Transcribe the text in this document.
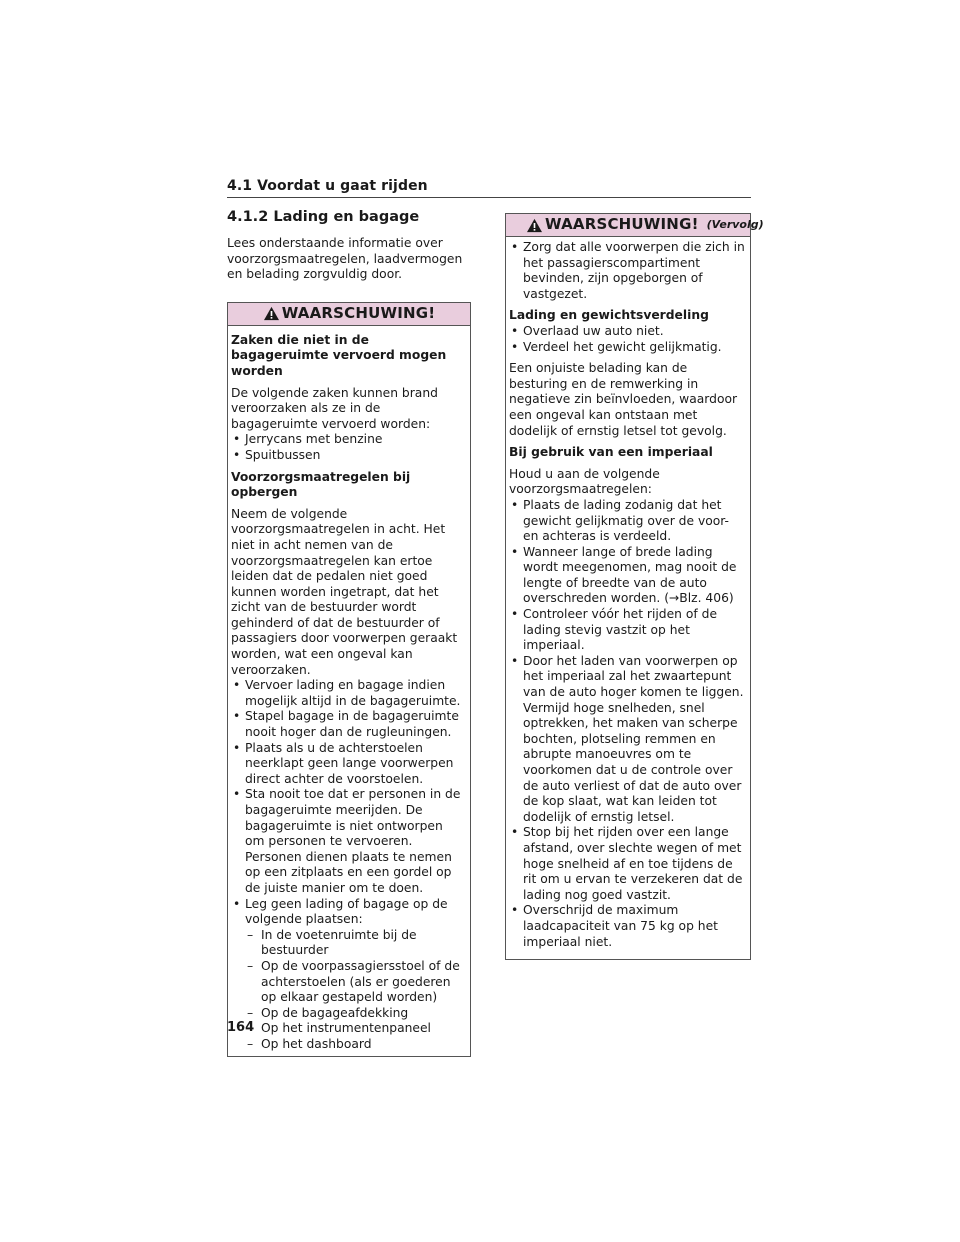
4.1 Voordat u gaat rijden
4.1.2 Lading en bagage

Lees onderstaande informatie over voorzorgsmaatregelen, laadvermogen en belading zorgvuldig door.

WAARSCHUWING!

Zaken die niet in de bagageruimte vervoerd mogen worden

De volgende zaken kunnen brand veroorzaken als ze in de bagageruimte vervoerd worden:

• Jerrycans met benzine
• Spuitbussen

Voorzorgsmaatregelen bij opbergen

Neem de volgende voorzorgsmaatregelen in acht. Het niet in acht nemen van de voorzorgsmaatregelen kan ertoe leiden dat de pedalen niet goed kunnen worden ingetrapt, dat het zicht van de bestuurder wordt gehinderd of dat de bestuurder of passagiers door voorwerpen geraakt worden, wat een ongeval kan veroorzaken.

• Vervoer lading en bagage indien mogelijk altijd in de bagageruimte.
• Stapel bagage in de bagageruimte nooit hoger dan de rugleuningen.
• Plaats als u de achterstoelen neerklapt geen lange voorwerpen direct achter de voorstoelen.
• Sta nooit toe dat er personen in de bagageruimte meerijden. De bagageruimte is niet ontworpen om personen te vervoeren. Personen dienen plaats te nemen op een zitplaats en een gordel op de juiste manier om te doen.
• Leg geen lading of bagage op de volgende plaatsen:
– In de voetenruimte bij de bestuurder
– Op de voorpassagiersstoel of de achterstoelen (als er goederen op elkaar gestapeld worden)
– Op de bagageafdekking
– Op het instrumentenpaneel
– Op het dashboard
WAARSCHUWING! (Vervolg)
• Zorg dat alle voorwerpen die zich in het passagierscompartiment bevinden, zijn opgeborgen of vastgezet.

Lading en gewichtsverdeling

• Overlaad uw auto niet.
• Verdeel het gewicht gelijkmatig.

Een onjuiste belading kan de besturing en de remwerking in negatieve zin beïnvloeden, waardoor een ongeval kan ontstaan met dodelijk of ernstig letsel tot gevolg.

Bij gebruik van een imperiaal

Houd u aan de volgende voorzorgsmaatregelen:

• Plaats de lading zodanig dat het gewicht gelijkmatig over de voor- en achteras is verdeeld.
• Wanneer lange of brede lading wordt meegenomen, mag nooit de lengte of breedte van de auto overschreden worden. (→Blz. 406)
• Controleer vóór het rijden of de lading stevig vastzit op het imperiaal.
• Door het laden van voorwerpen op het imperiaal zal het zwaartepunt van de auto hoger komen te liggen. Vermijd hoge snelheden, snel optrekken, het maken van scherpe bochten, plotseling remmen en abrupte manoeuvres om te voorkomen dat u de controle over de auto verliest of dat de auto over de kop slaat, wat kan leiden tot dodelijk of ernstig letsel.
• Stop bij het rijden over een lange afstand, over slechte wegen of met hoge snelheid af en toe tijdens de rit om u ervan te verzekeren dat de lading nog goed vastzit.
• Overschrijd de maximum laadcapaciteit van 75 kg op het imperiaal niet.
164
